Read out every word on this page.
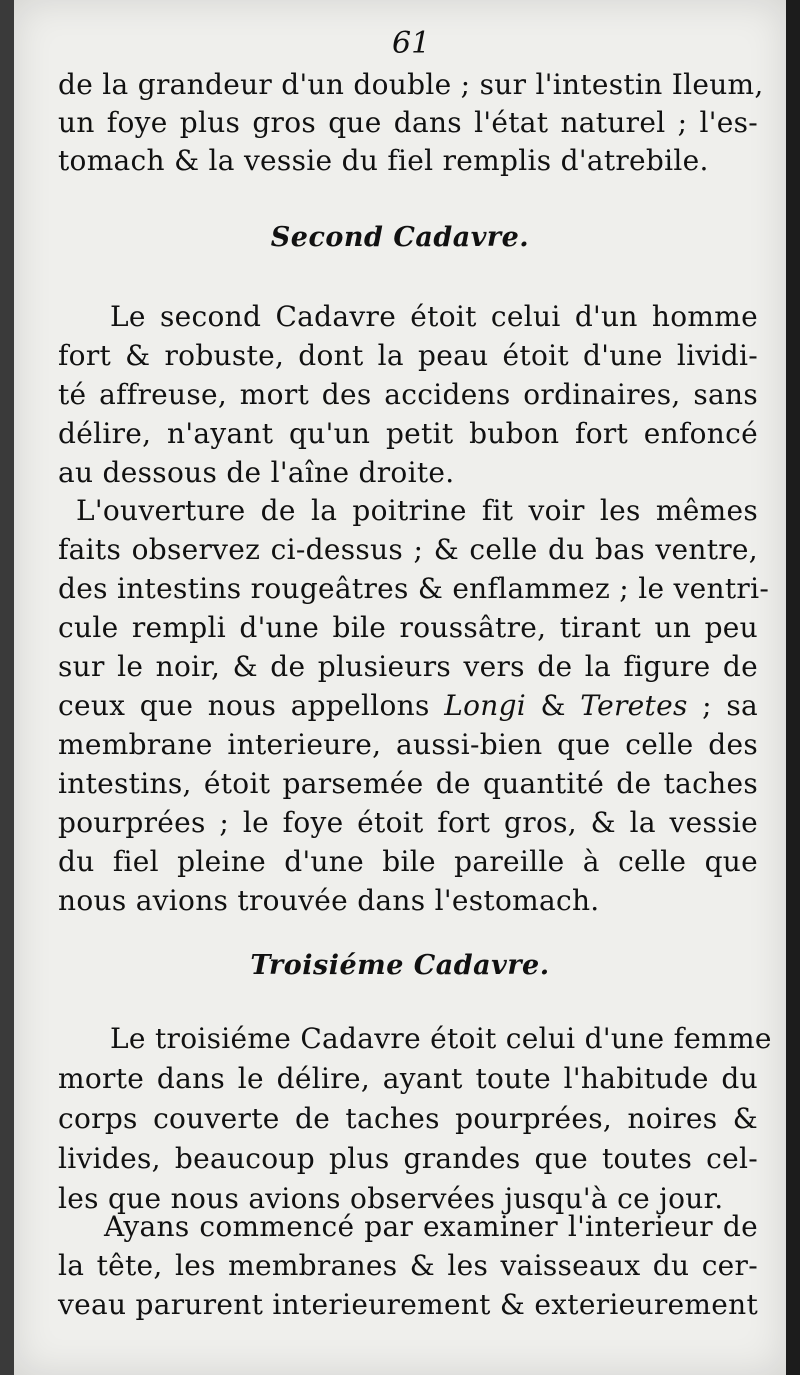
61
de la grandeur d'un double ; sur l'intestin Ileum,
un foye plus gros que dans l'état naturel ; l'es-
tomach & la vessie du fiel remplis d'atrebile.
Second Cadavre.
Le second Cadavre étoit celui d'un homme
fort & robuste, dont la peau étoit d'une lividi-
té affreuse, mort des accidens ordinaires, sans
délire, n'ayant qu'un petit bubon fort enfoncé
au dessous de l'aîne droite.
L'ouverture de la poitrine fit voir les mêmes
faits observez ci-dessus ; & celle du bas ventre,
des intestins rougeâtres & enflammez ; le ventri-
cule rempli d'une bile roussâtre, tirant un peu
sur le noir, & de plusieurs vers de la figure de
ceux que nous appellons Longi & Teretes ; sa
membrane interieure, aussi-bien que celle des
intestins, étoit parsemée de quantité de taches
pourprées ; le foye étoit fort gros, & la vessie
du fiel pleine d'une bile pareille à celle que
nous avions trouvée dans l'estomach.
Troisiéme Cadavre.
Le troisiéme Cadavre étoit celui d'une femme
morte dans le délire, ayant toute l'habitude du
corps couverte de taches pourprées, noires &
livides, beaucoup plus grandes que toutes cel-
les que nous avions observées jusqu'à ce jour.
Ayans commencé par examiner l'interieur de
la tête, les membranes & les vaisseaux du cer-
veau parurent interieurement & exterieurement
